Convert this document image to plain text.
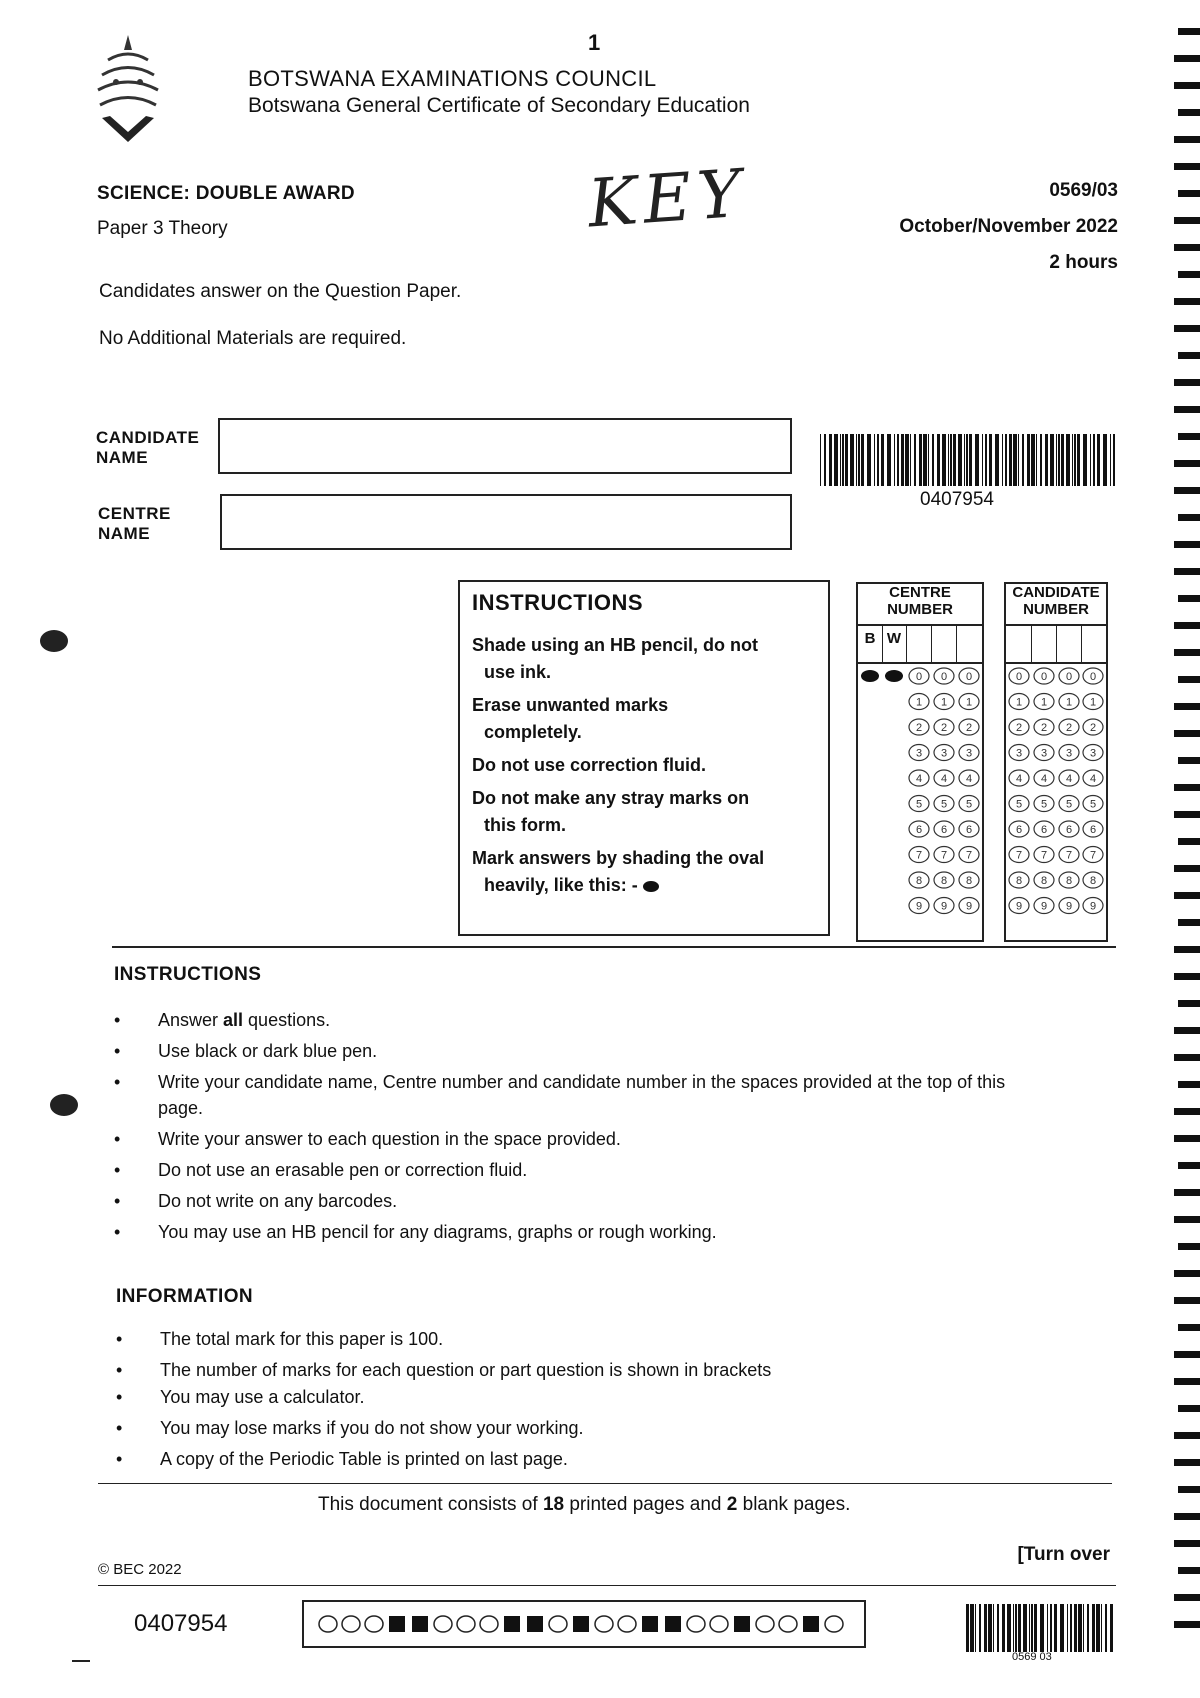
1
BOTSWANA EXAMINATIONS COUNCIL
Botswana General Certificate of Secondary Education
SCIENCE: DOUBLE AWARD
Paper 3 Theory	KEY	0569/03
October/November 2022
2 hours
Candidates answer on the Question Paper.
No Additional Materials are required.
CANDIDATE NAME
CENTRE NAME
0407954
INSTRUCTIONS
Shade using an HB pencil, do not
use ink.
Erase unwanted marks
completely.
Do not use correction fluid.
Do not make any stray marks on
this form.
Mark answers by shading the oval
heavily, like this: -
CENTRE
NUMBER
B W
0 0 0
1 1 1
2 2 2
3 3 3
4 4 4
5 5 5
6 6 6
7 7 7
8 8 8
9 9 9
CANDIDATE
NUMBER
0 0 0 0
1 1 1 1
2 2 2 2
3 3 3 3
4 4 4 4
5 5 5 5
6 6 6 6
7 7 7 7
8 8 8 8
9 9 9 9
INSTRUCTIONS
• Answer all questions.
• Use black or dark blue pen.
• Write your candidate name, Centre number and candidate number in the spaces provided at the top of this page.
• Write your answer to each question in the space provided.
• Do not use an erasable pen or correction fluid.
• Do not write on any barcodes.
• You may use an HB pencil for any diagrams, graphs or rough working.
INFORMATION
• The total mark for this paper is 100.
• The number of marks for each question or part question is shown in brackets
• You may use a calculator.
• You may lose marks if you do not show your working.
• A copy of the Periodic Table is printed on last page.
This document consists of 18 printed pages and 2 blank pages.
© BEC 2022
[Turn over
0407954
0569 03
